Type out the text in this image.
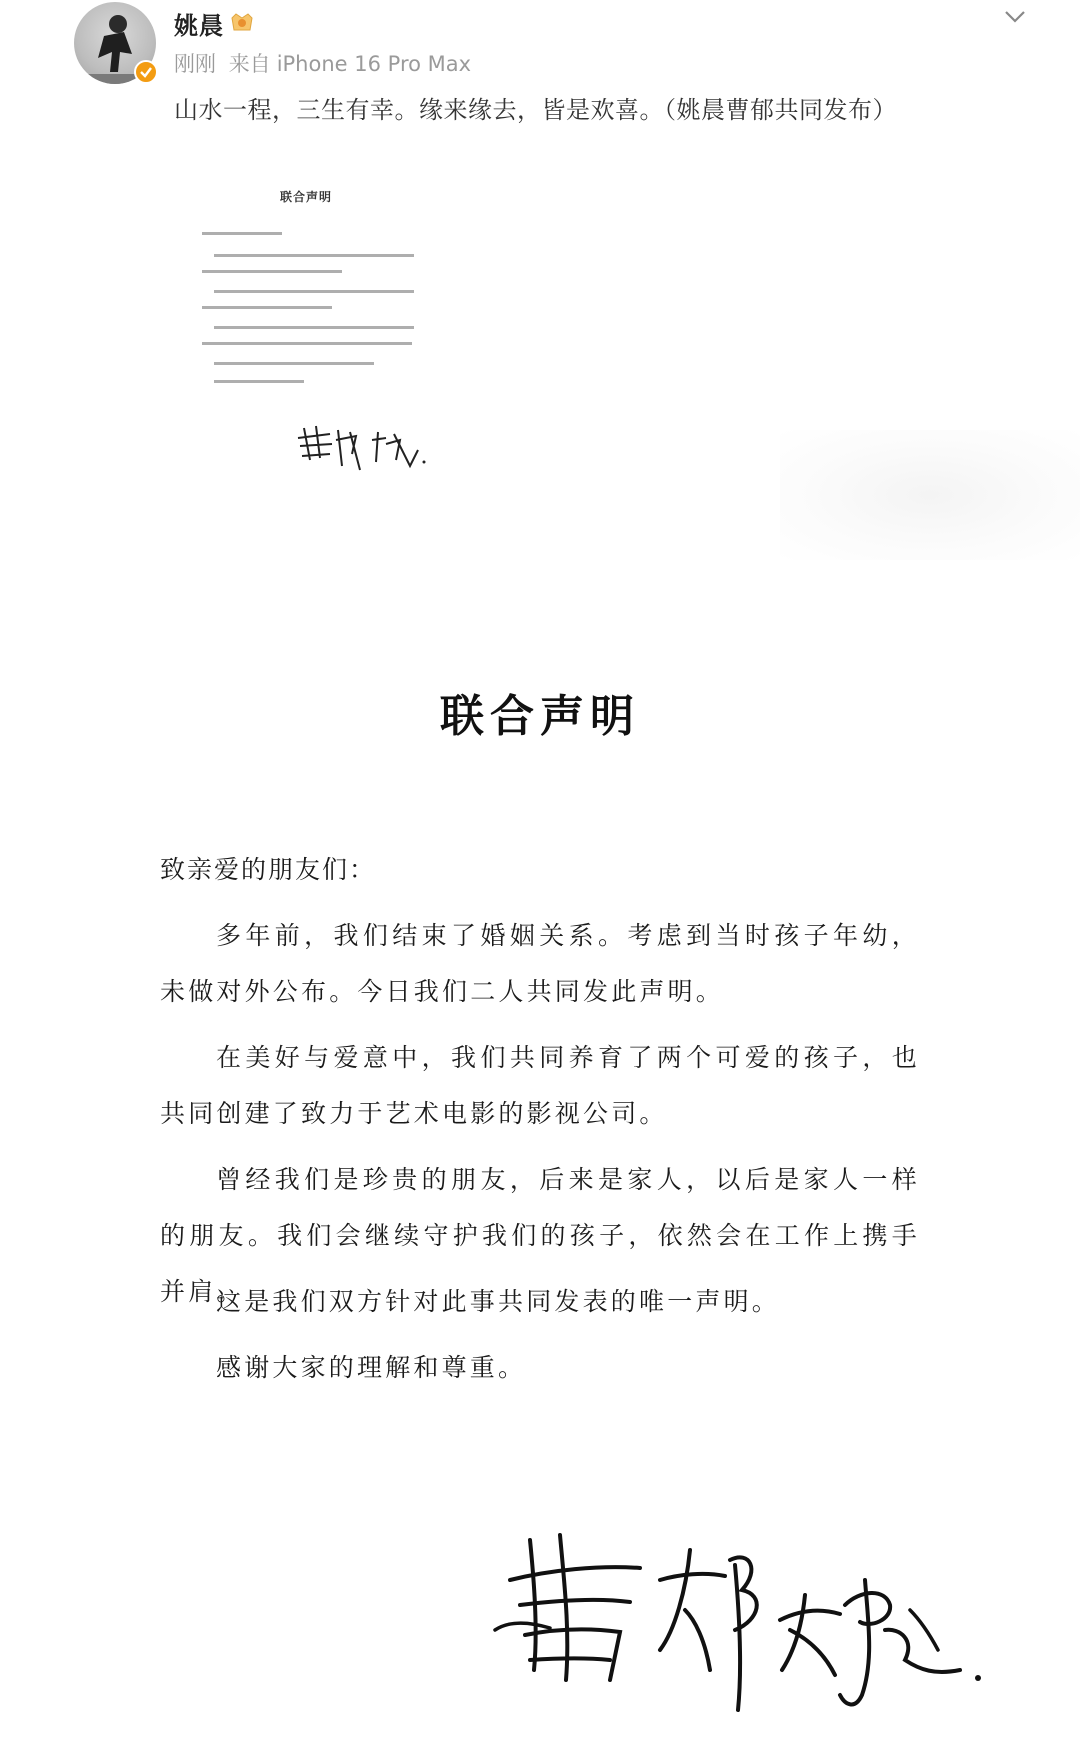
姚晨
刚刚 来自 iPhone 16 Pro Max
山水一程，三生有幸。缘来缘去，皆是欢喜。（姚晨曹郁共同发布）
联合声明
联合声明
致亲爱的朋友们：
多年前，我们结束了婚姻关系。考虑到当时孩子年幼，未做对外公布。今日我们二人共同发此声明。
在美好与爱意中，我们共同养育了两个可爱的孩子，也共同创建了致力于艺术电影的影视公司。
曾经我们是珍贵的朋友，后来是家人，以后是家人一样的朋友。我们会继续守护我们的孩子，依然会在工作上携手并肩。
这是我们双方针对此事共同发表的唯一声明。
感谢大家的理解和尊重。
